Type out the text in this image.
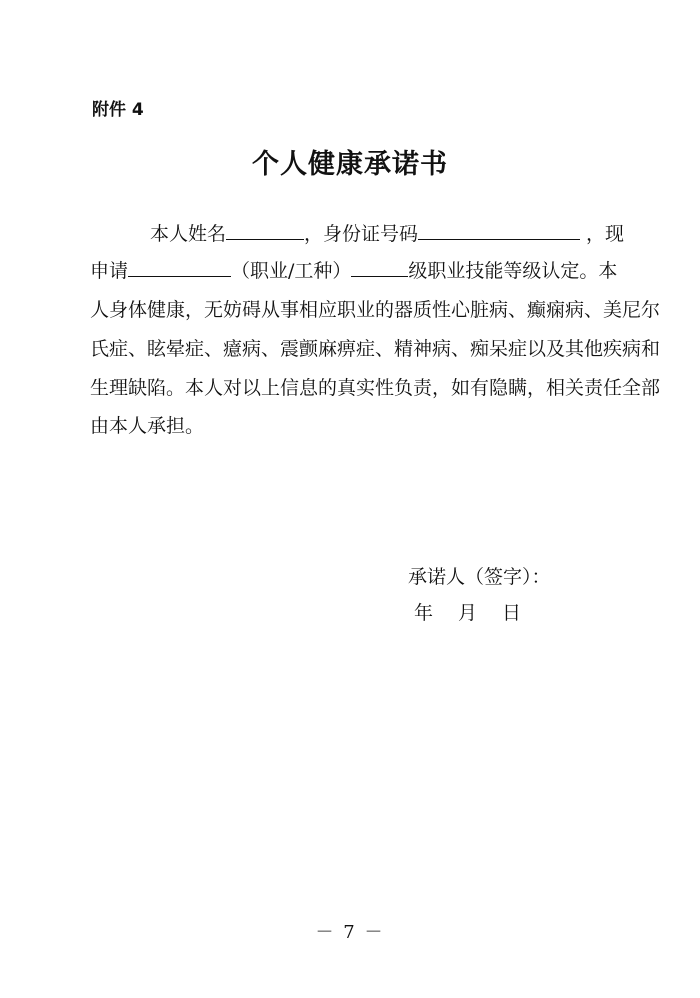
附件 4
个人健康承诺书
本人姓名	，身份证号码	，现
申请	（职业/工种）	级职业技能等级认定。本
人身体健康，无妨碍从事相应职业的器质性心脏病、癫痫病、美尼尔
氏症、眩晕症、癔病、震颤麻痹症、精神病、痴呆症以及其他疾病和
生理缺陷。本人对以上信息的真实性负责，如有隐瞒，相关责任全部
由本人承担。
承诺人（签字）：
年 月 日
－ 7 －
